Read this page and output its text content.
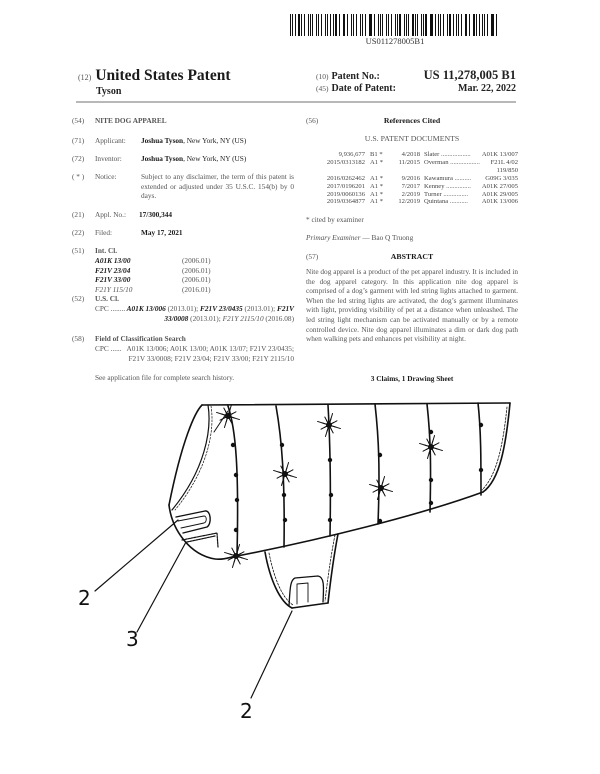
US011278005B1
(12) United States Patent
Tyson
(10) Patent No.:	US 11,278,005 B1
(45) Date of Patent:	Mar. 22, 2022
(54)	NITE DOG APPAREL
(71)	Applicant: Joshua Tyson, New York, NY (US)
(72)	Inventor:	Joshua Tyson, New York, NY (US)
( * )	Notice:	Subject to any disclaimer, the term of this patent is extended or adjusted under 35 U.S.C. 154(b) by 0 days.
(21)	Appl. No.: 17/300,344
(22)	Filed:	May 17, 2021
(51)	Int. Cl.
A01K 13/00	(2006.01)
F21V 23/04	(2006.01)
F21V 33/00	(2006.01)
F21Y 115/10	(2016.01)
(52)	U.S. Cl.
CPC ........ A01K 13/006 (2013.01); F21V 23/0435 (2013.01); F21V 33/0008 (2013.01); F21Y 2115/10 (2016.08)
(58)	Field of Classification Search
CPC ...... A01K 13/006; A01K 13/00; A01K 13/07; F21V 23/0435; F21V 33/0008; F21V 23/04; F21V 33/00; F21Y 2115/10
See application file for complete search history.
(56)	References Cited
U.S. PATENT DOCUMENTS
9,936,677 B1 *	4/2018 Slater ..................	A01K 13/007
2015/0313182 A1 *	11/2015 Overman ..................	F21L 4/02
119/850
2016/0262462 A1 *	9/2016 Kawamura ..........	G09G 3/035
2017/0196201 A1 *	7/2017 Kenney ...............	A01K 27/005
2019/0060136 A1 *	2/2019 Turner ...............	A01K 29/005
2019/0364877 A1 *	12/2019 Quintana ...........	A01K 13/006
* cited by examiner
Primary Examiner — Bao Q Truong
(57)	ABSTRACT
Nite dog apparel is a product of the pet apparel industry. It is included in the dog apparel category. In this application nite dog apparel is comprised of a dog’s garment with led string lights attached to garment. When the led string lights are activated, the dog’s garment illuminates with light, providing visibility of pet at a distance when unleashed. The led string light mechanism can be activated manually or by a remote controlled device. Nite dog apparel illuminates a dim or dark dog path when walking pets and enhances pet visibility at night.
3 Claims, 1 Drawing Sheet
2
3
2
